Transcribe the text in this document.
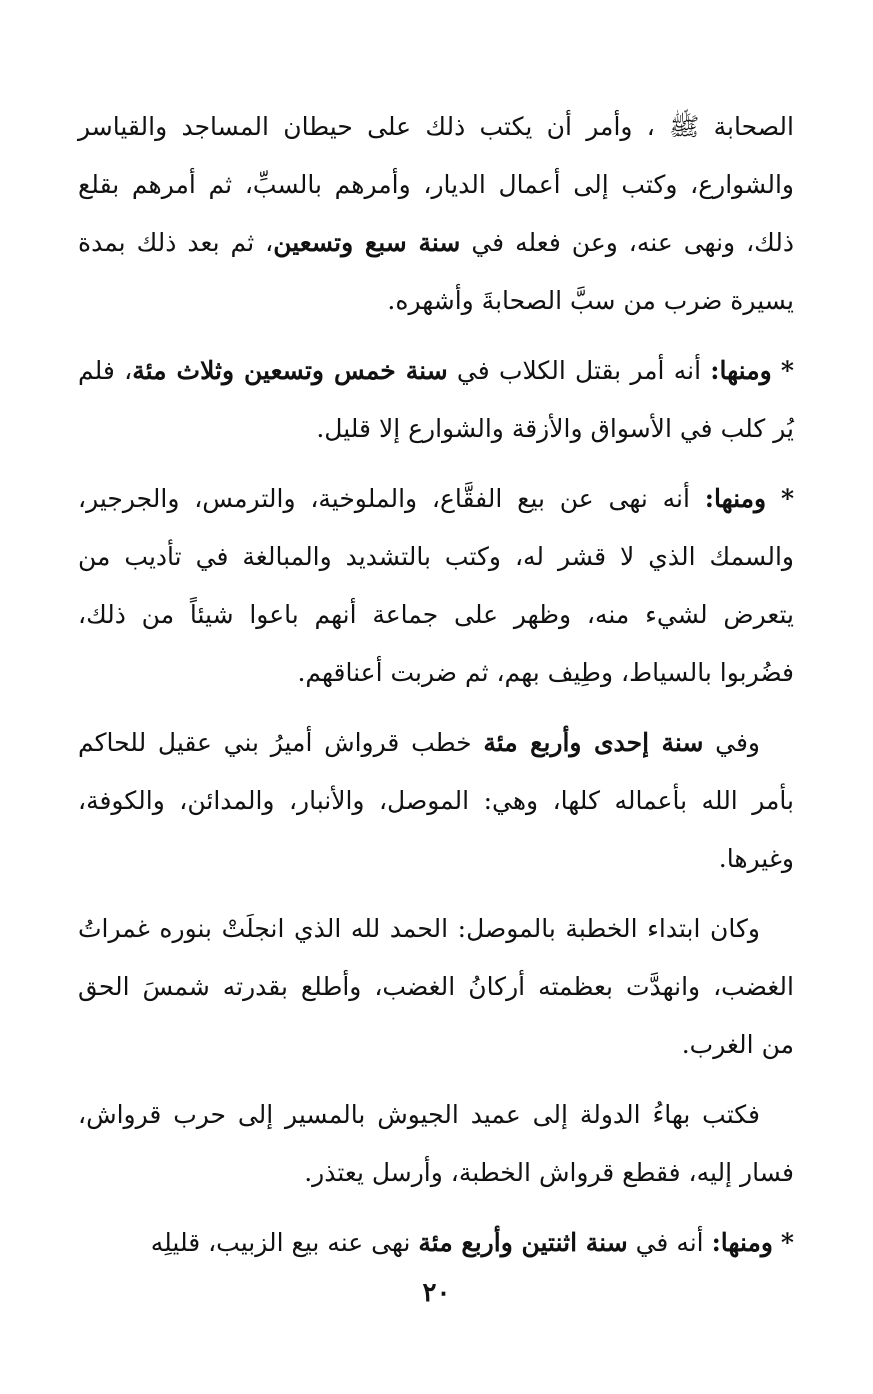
الصحابة ﷺ ، وأمر أن يكتب ذلك على حيطان المساجد والقياسر والشوارع، وكتب إلى أعمال الديار، وأمرهم بالسبِّ، ثم أمرهم بقلع ذلك، ونهى عنه، وعن فعله في سنة سبع وتسعين، ثم بعد ذلك بمدة يسيرة ضرب من سبَّ الصحابةَ وأشهره.

* ومنها: أنه أمر بقتل الكلاب في سنة خمس وتسعين وثلاث مئة، فلم يُر كلب في الأسواق والأزقة والشوارع إلا قليل.

* ومنها: أنه نهى عن بيع الفقَّاع، والملوخية، والترمس، والجرجير، والسمك الذي لا قشر له، وكتب بالتشديد والمبالغة في تأديب من يتعرض لشيء منه، وظهر على جماعة أنهم باعوا شيئاً من ذلك، فضُربوا بالسياط، وطِيف بهم، ثم ضربت أعناقهم.

وفي سنة إحدى وأربع مئة خطب قرواش أميرُ بني عقيل للحاكم بأمر الله بأعماله كلها، وهي: الموصل، والأنبار، والمدائن، والكوفة، وغيرها.

وكان ابتداء الخطبة بالموصل: الحمد لله الذي انجلَتْ بنوره غمراتُ الغضب، وانهدَّت بعظمته أركانُ الغضب، وأطلع بقدرته شمسَ الحق من الغرب.

فكتب بهاءُ الدولة إلى عميد الجيوش بالمسير إلى حرب قرواش، فسار إليه، فقطع قرواش الخطبة، وأرسل يعتذر.

* ومنها: أنه في سنة اثنتين وأربع مئة نهى عنه بيع الزبيب، قليلِه

٢٠
